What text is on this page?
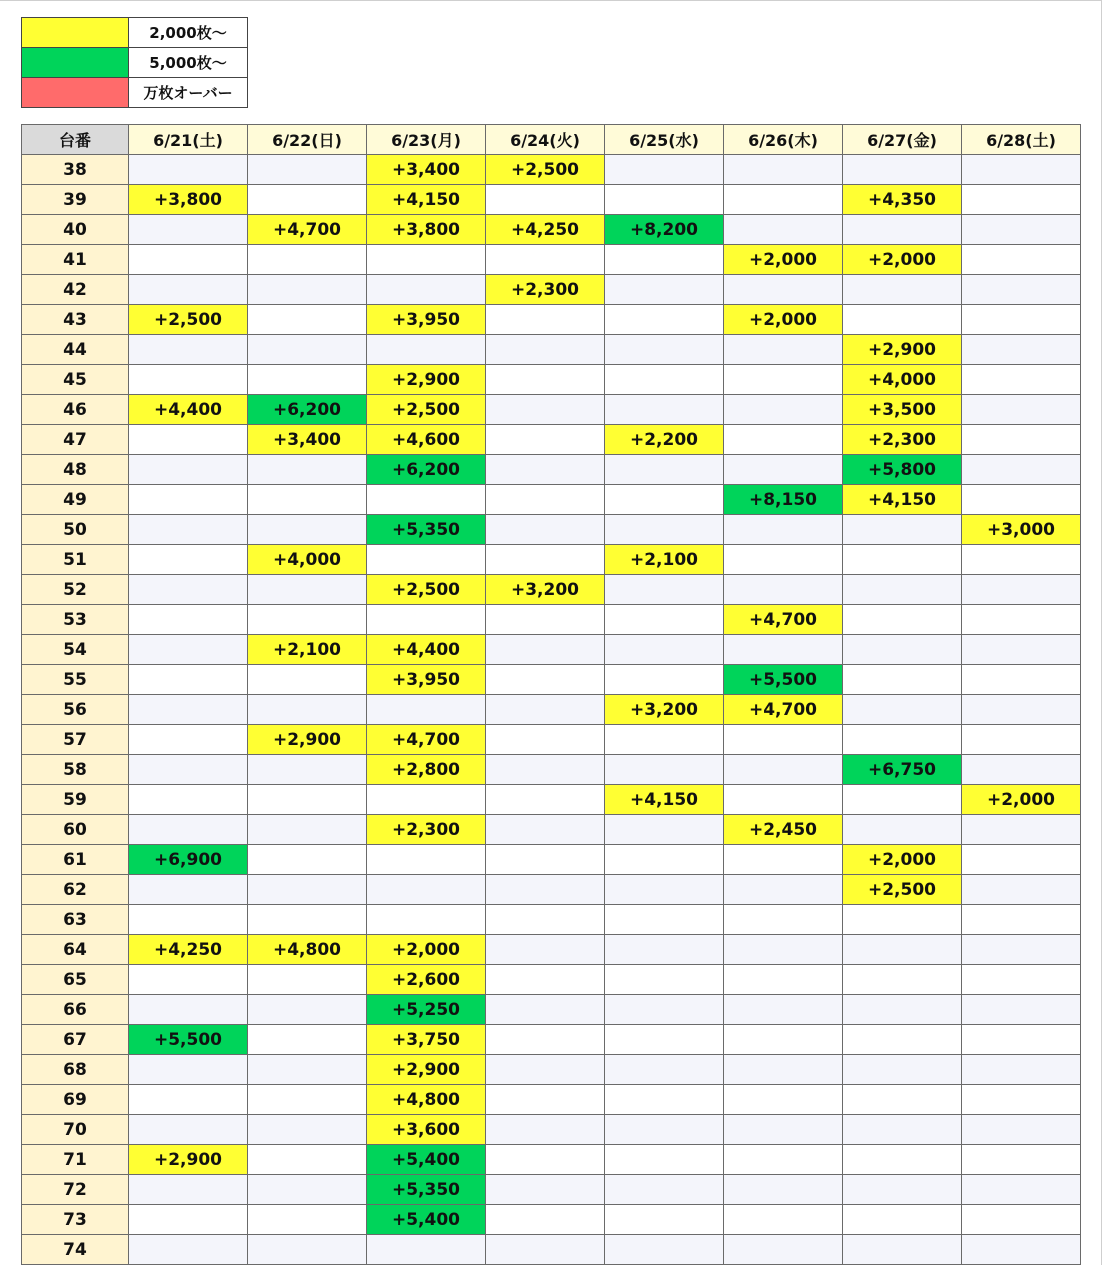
	2,000枚～
	5,000枚～
	万枚オーバー
台番	6/21(土)	6/22(日)	6/23(月)	6/24(火)	6/25(水)	6/26(木)	6/27(金)	6/28(土)
38			+3,400	+2,500				
39	+3,800		+4,150				+4,350	
40		+4,700	+3,800	+4,250	+8,200			
41						+2,000	+2,000	
42				+2,300				
43	+2,500		+3,950			+2,000		
44							+2,900	
45			+2,900				+4,000	
46	+4,400	+6,200	+2,500				+3,500	
47		+3,400	+4,600		+2,200		+2,300	
48			+6,200				+5,800	
49						+8,150	+4,150	
50			+5,350					+3,000
51		+4,000			+2,100			
52			+2,500	+3,200				
53						+4,700		
54		+2,100	+4,400					
55			+3,950			+5,500		
56					+3,200	+4,700		
57		+2,900	+4,700					
58			+2,800				+6,750	
59					+4,150			+2,000
60			+2,300			+2,450		
61	+6,900						+2,000	
62							+2,500	
63								
64	+4,250	+4,800	+2,000					
65			+2,600					
66			+5,250					
67	+5,500		+3,750					
68			+2,900					
69			+4,800					
70			+3,600					
71	+2,900		+5,400					
72			+5,350					
73			+5,400					
74								
